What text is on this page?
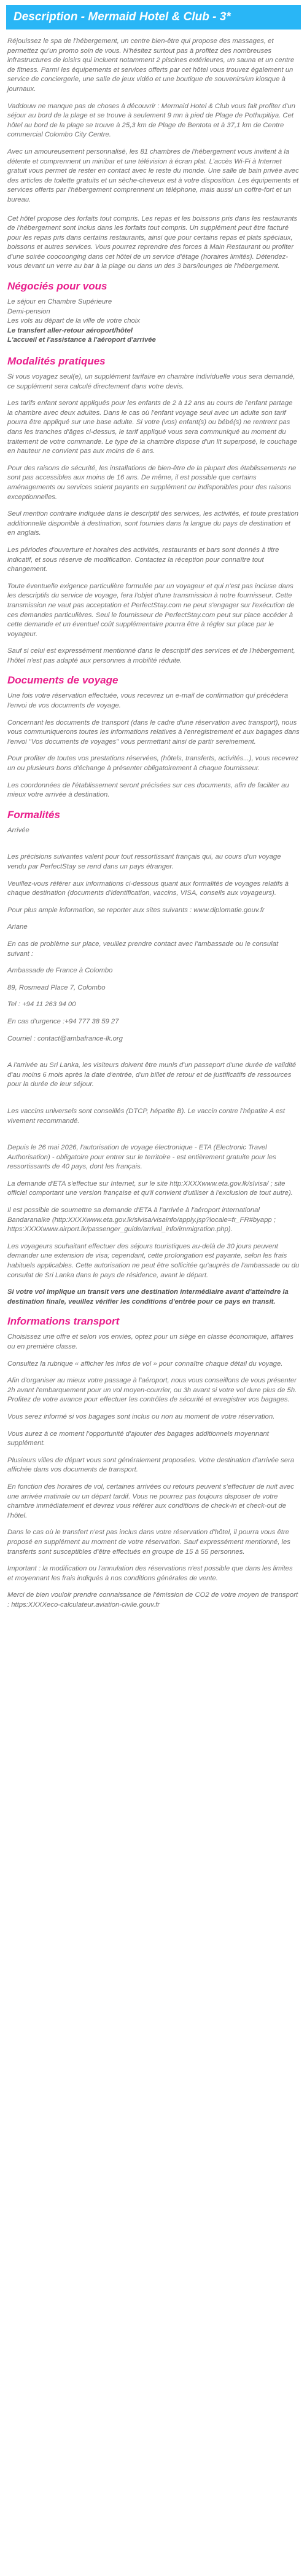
Description - Mermaid Hotel & Club - 3*

Réjouissez le spa de l'hébergement, un centre bien-être qui propose des massages, et permettez qu'un promo soin de vous. N'hésitez surtout pas à profitez des nombreuses infrastructures de loisirs qui incluent notamment 2 piscines extérieures, un sauna et un centre de fitness. Parmi les équipements et services offerts par cet hôtel vous trouvez également un service de conciergerie, une salle de jeux vidéo et une boutique de souvenirs/un kiosque à journaux.

Vaddouw ne manque pas de choses à découvrir : Mermaid Hotel & Club vous fait profiter d'un séjour au bord de la plage et se trouve à seulement 9 mn à pied de Plage de Pothupitiya. Cet hôtel au bord de la plage se trouve à 25,3 km de Plage de Bentota et à 37,1 km de Centre commercial Colombo City Centre.

Avec un amoureusement personnalisé, les 81 chambres de l'hébergement vous invitent à la détente et comprennent un minibar et une télévision à écran plat. L'accès Wi-Fi à Internet gratuit vous permet de rester en contact avec le reste du monde. Une salle de bain privée avec des articles de toilette gratuits et un sèche-cheveux est à votre disposition. Les équipements et services offerts par l'hébergement comprennent un téléphone, mais aussi un coffre-fort et un bureau.

Cet hôtel propose des forfaits tout compris. Les repas et les boissons pris dans les restaurants de l'hébergement sont inclus dans les forfaits tout compris. Un supplément peut être facturé pour les repas pris dans certains restaurants, ainsi que pour certains repas et plats spéciaux, boissons et autres services. Vous pourrez reprendre des forces à Main Restaurant ou profiter d'une soirée coocoonging dans cet hôtel de un service d'étage (horaires limités). Détendez-vous devant un verre au bar à la plage ou dans un des 3 bars/lounges de l'hébergement.

Négociés pour vous
Le séjour en Chambre Supérieure
Demi-pension
Les vols au départ de la ville de votre choix
Le transfert aller-retour aéroport/hôtel
L'accueil et l'assistance à l'aéroport d'arrivée
Modalités pratiques

Si vous voyagez seul(e), un supplément tarifaire en chambre individuelle vous sera demandé, ce supplément sera calculé directement dans votre devis.

Les tarifs enfant seront appliqués pour les enfants de 2 à 12 ans au cours de l'enfant partage la chambre avec deux adultes. Dans le cas où l'enfant voyage seul avec un adulte son tarif pourra être appliqué sur une base adulte. Si votre (vos) enfant(s) ou bébé(s) ne rentrent pas dans les tranches d'âges ci-dessus, le tarif appliqué vous sera communiqué au moment du traitement de votre commande. Le type de la chambre dispose d'un lit superposé, le couchage en hauteur ne convient pas aux moins de 6 ans.

Pour des raisons de sécurité, les installations de bien-être de la plupart des établissements ne sont pas accessibles aux moins de 16 ans. De même, il est possible que certains aménagements ou services soient payants en supplément ou indisponibles pour des raisons exceptionnelles.

Seul mention contraire indiquée dans le descriptif des services, les activités, et toute prestation additionnelle disponible à destination, sont fournies dans la langue du pays de destination et en anglais.

Les périodes d'ouverture et horaires des activités, restaurants et bars sont donnés à titre indicatif, et sous réserve de modification. Contactez la réception pour connaître tout changement.

Toute éventuelle exigence particulière formulée par un voyageur et qui n'est pas incluse dans les descriptifs du service de voyage, fera l'objet d'une transmission à notre fournisseur. Cette transmission ne vaut pas acceptation et PerfectStay.com ne peut s'engager sur l'exécution de ces demandes particulières. Seul le fournisseur de PerfectStay.com peut sur place accéder à cette demande et un éventuel coût supplémentaire pourra être à régler sur place par le voyageur.

Sauf si celui est expressément mentionné dans le descriptif des services et de l'hébergement, l'hôtel n'est pas adapté aux personnes à mobilité réduite.

Documents de voyage

Une fois votre réservation effectuée, vous recevrez un e-mail de confirmation qui précédera l'envoi de vos documents de voyage.

Concernant les documents de transport (dans le cadre d'une réservation avec transport), nous vous communiquerons toutes les informations relatives à l'enregistrement et aux bagages dans l'envoi "Vos documents de voyages" vous permettant ainsi de partir sereinement.

Pour profiter de toutes vos prestations réservées, (hôtels, transferts, activités...), vous recevrez un ou plusieurs bons d'échange à présenter obligatoirement à chaque fournisseur.

Les coordonnées de l'établissement seront précisées sur ces documents, afin de faciliter au mieux votre arrivée à destination.

Formalités

Arrivée

Les précisions suivantes valent pour tout ressortissant français qui, au cours d'un voyage vendu par PerfectStay se rend dans un pays étranger.

Veuillez-vous référer aux informations ci-dessous quant aux formalités de voyages relatifs à chaque destination (documents d'identification, vaccins, VISA, conseils aux voyageurs).

Pour plus ample information, se reporter aux sites suivants : www.diplomatie.gouv.fr

Ariane

En cas de problème sur place, veuillez prendre contact avec l'ambassade ou le consulat suivant :

Ambassade de France à Colombo

89, Rosmead Place 7, Colombo

Tel : +94 11 263 94 00

En cas d'urgence :+94 777 38 59 27

Courriel : contact@ambafrance-lk.org

A l'arrivée au Sri Lanka, les visiteurs doivent être munis d'un passeport d'une durée de validité d'au moins 6 mois après la date d'entrée, d'un billet de retour et de justificatifs de ressources pour la durée de leur séjour.

Les vaccins universels sont conseillés (DTCP, hépatite B). Le vaccin contre l'hépatite A est vivement recommandé.

Depuis le 26 mai 2026, l'autorisation de voyage électronique - ETA (Electronic Travel Authorisation) - obligatoire pour entrer sur le territoire - est entièrement gratuite pour les ressortissants de 40 pays, dont les français.

La demande d'ETA s'effectue sur Internet, sur le site http:XXXXwww.eta.gov.lk/slvisa/ ; site officiel comportant une version française et qu'il convient d'utiliser à l'exclusion de tout autre).

Il est possible de soumettre sa demande d'ETA à l'arrivée à l'aéroport international Bandaranaike (http:XXXXwww.eta.gov.lk/slvisa/visainfo/apply.jsp?locale=fr_FR#byapp ; https:XXXXwww.airport.lk/passenger_guide/arrival_info/immigration.php).

Les voyageurs souhaitant effectuer des séjours touristiques au-delà de 30 jours peuvent demander une extension de visa; cependant, cette prolongation est payante, selon les frais habituels applicables. Cette autorisation ne peut être sollicitée qu'auprès de l'ambassade ou du consulat de Sri Lanka dans le pays de résidence, avant le départ.

Si votre vol implique un transit vers une destination intermédiaire avant d'atteindre la destination finale, veuillez vérifier les conditions d'entrée pour ce pays en transit.

Informations transport

Choisissez une offre et selon vos envies, optez pour un siège en classe économique, affaires ou en première classe.

Consultez la rubrique « afficher les infos de vol » pour connaître chaque détail du voyage.

Afin d'organiser au mieux votre passage à l'aéroport, nous vous conseillons de vous présenter 2h avant l'embarquement pour un vol moyen-courrier, ou 3h avant si votre vol dure plus de 5h. Profitez de votre avance pour effectuer les contrôles de sécurité et enregistrer vos bagages.

Vous serez informé si vos bagages sont inclus ou non au moment de votre réservation.

Vous aurez à ce moment l'opportunité d'ajouter des bagages additionnels moyennant supplément.

Plusieurs villes de départ vous sont généralement proposées. Votre destination d'arrivée sera affichée dans vos documents de transport.

En fonction des horaires de vol, certaines arrivées ou retours peuvent s'effectuer de nuit avec une arrivée matinale ou un départ tardif. Vous ne pourrez pas toujours disposer de votre chambre immédiatement et devrez vous référer aux conditions de check-in et check-out de l'hôtel.

Dans le cas où le transfert n'est pas inclus dans votre réservation d'hôtel, il pourra vous être proposé en supplément au moment de votre réservation. Sauf expressément mentionné, les transferts sont susceptibles d'être effectués en groupe de 15 à 55 personnes.

Important : la modification ou l'annulation des réservations n'est possible que dans les limites et moyennant les frais indiqués à nos conditions générales de vente.

Merci de bien vouloir prendre connaissance de l'émission de CO2 de votre moyen de transport : https:XXXXeco-calculateur.aviation-civile.gouv.fr
